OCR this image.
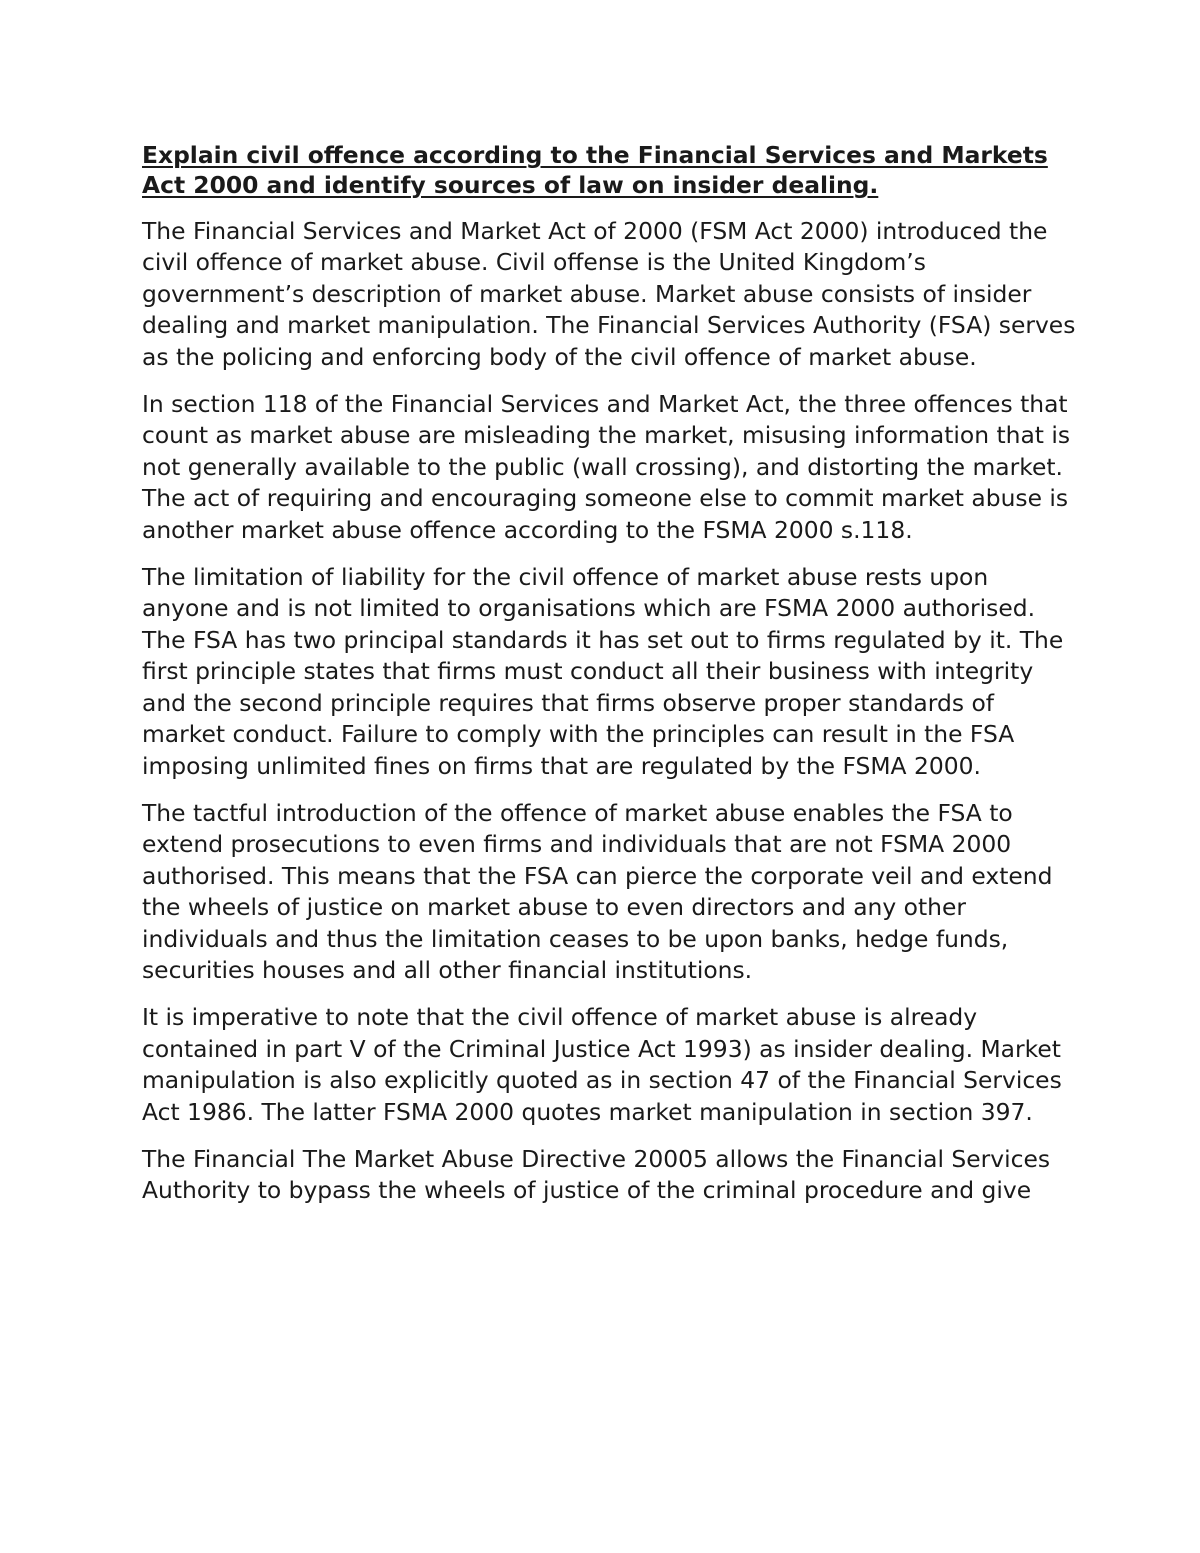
Explain civil offence according to the Financial Services and Markets Act 2000 and identify sources of law on insider dealing.

The Financial Services and Market Act of 2000 (FSM Act 2000) introduced the civil offence of market abuse. Civil offense is the United Kingdom’s government’s description of market abuse. Market abuse consists of insider dealing and market manipulation. The Financial Services Authority (FSA) serves as the policing and enforcing body of the civil offence of market abuse.

In section 118 of the Financial Services and Market Act, the three offences that count as market abuse are misleading the market, misusing information that is not generally available to the public (wall crossing), and distorting the market. The act of requiring and encouraging someone else to commit market abuse is another market abuse offence according to the FSMA 2000 s.118.

The limitation of liability for the civil offence of market abuse rests upon anyone and is not limited to organisations which are FSMA 2000 authorised. The FSA has two principal standards it has set out to firms regulated by it. The first principle states that firms must conduct all their business with integrity and the second principle requires that firms observe proper standards of market conduct. Failure to comply with the principles can result in the FSA imposing unlimited fines on firms that are regulated by the FSMA 2000.

The tactful introduction of the offence of market abuse enables the FSA to extend prosecutions to even firms and individuals that are not FSMA 2000 authorised. This means that the FSA can pierce the corporate veil and extend the wheels of justice on market abuse to even directors and any other individuals and thus the limitation ceases to be upon banks, hedge funds, securities houses and all other financial institutions.

It is imperative to note that the civil offence of market abuse is already contained in part V of the Criminal Justice Act 1993) as insider dealing. Market manipulation is also explicitly quoted as in section 47 of the Financial Services Act 1986. The latter FSMA 2000 quotes market manipulation in section 397.

The Financial The Market Abuse Directive 20005 allows the Financial Services Authority to bypass the wheels of justice of the criminal procedure and give
